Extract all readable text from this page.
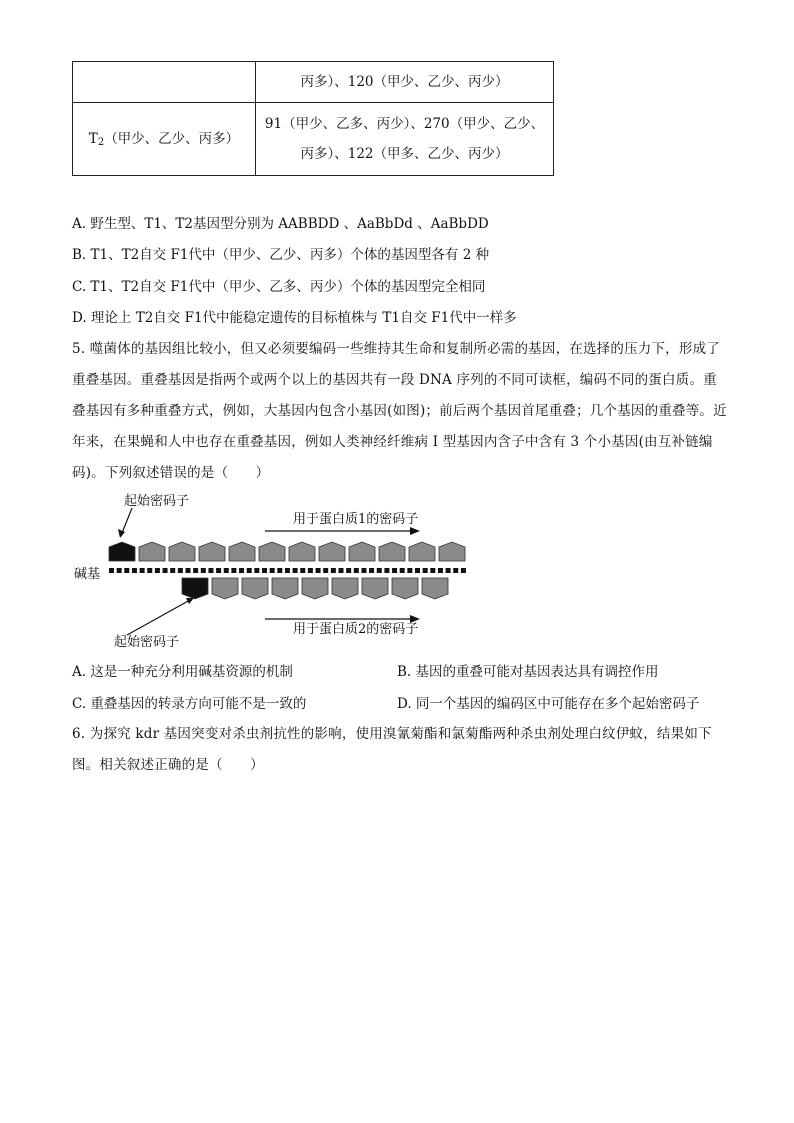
	丙多）、120（甲少、乙少、丙少）
$T_2$（甲少、乙少、丙多）	91（甲少、乙多、丙少）、270（甲少、乙少、
丙多）、122（甲多、乙少、丙少）
A. 野生型、T1、T2基因型分别为 AABBDD 、AaBbDd 、AaBbDD
B. T1、T2自交 F1代中（甲少、乙少、丙多）个体的基因型各有 2 种
C. T1、T2自交 F1代中（甲少、乙多、丙少）个体的基因型完全相同
D. 理论上 T2自交 F1代中能稳定遗传的目标植株与 T1自交 F1代中一样多
5. 噬菌体的基因组比较小，但又必须要编码一些维持其生命和复制所必需的基因，在选择的压力下，形成了重叠基因。重叠基因是指两个或两个以上的基因共有一段 DNA 序列的不同可读框，编码不同的蛋白质。重叠基因有多种重叠方式，例如，大基因内包含小基因(如图)；前后两个基因首尾重叠；几个基因的重叠等。近年来，在果蝇和人中也存在重叠基因，例如人类神经纤维病 I 型基因内含子中含有 3 个小基因(由互补链编码)。下列叙述错误的是（　　）
起始密码子
用于蛋白质1的密码子
碱基
用于蛋白质2的密码子
起始密码子
A. 这是一种充分利用碱基资源的机制	B. 基因的重叠可能对基因表达具有调控作用
C. 重叠基因的转录方向可能不是一致的	D. 同一个基因的编码区中可能存在多个起始密码子
6. 为探究 kdr 基因突变对杀虫剂抗性的影响，使用溴氰菊酯和氯菊酯两种杀虫剂处理白纹伊蚊，结果如下图。相关叙述正确的是（　　）
